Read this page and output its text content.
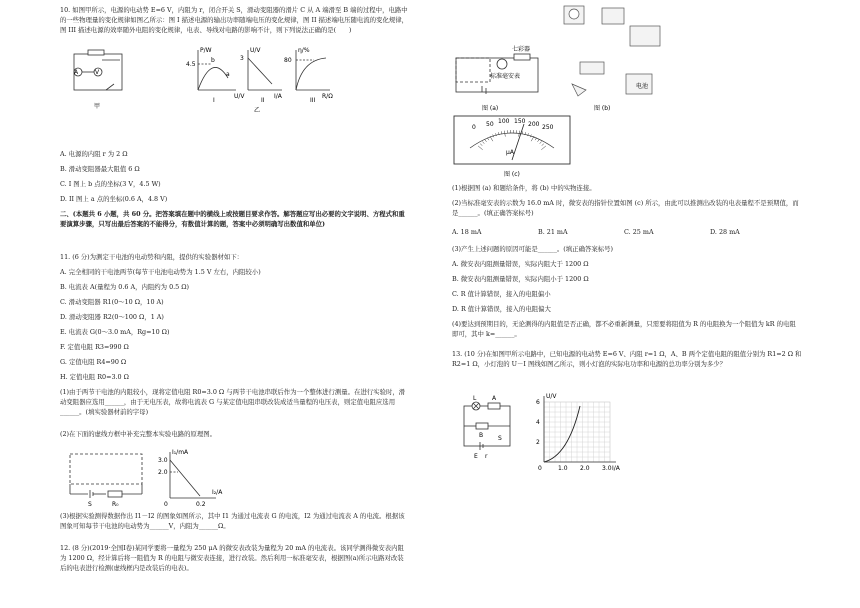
10. 如图甲所示，电源的电动势 E=6 V，内阻为 r，闭合开关 S，滑动变阻器的滑片 C 从 A 端滑至 B 端的过程中，电路中的一些物理量的变化规律如图乙所示：图 I 描述电源的输出功率随端电压的变化规律，图 II 描述端电压随电流的变化规律，图 III 描述电源的效率随外电阻的变化规律，电表、导线对电路的影响不计，则下列说法正确的是(　　)
A	V
甲
P/W
U/V
4.5
b
a
I
U/V
I/A
3
II
η/%
R/Ω
80
III
乙
A. 电源的内阻 r 为 2 Ω
B. 滑动变阻器最大阻值 6 Ω
C. I 图上 b 点的坐标(3 V，4.5 W)
D. II 图上 a 点的坐标(0.6 A，4.8 V)
二、(本题共 6 小题，共 60 分。把答案填在题中的横线上或按题目要求作答。解答题应写出必要的文字说明、方程式和重要演算步骤，只写出最后答案的不能得分，有数值计算的题，答案中必须明确写出数值和单位)
11. (6 分)为测定干电池的电动势和内阻，提供的实验器材如下：
A. 完全相同的干电池两节(每节干电池电动势为 1.5 V 左右，内阻较小)
B. 电流表 A(量程为 0.6 A，内阻约为 0.5 Ω)
C. 滑动变阻器 R1(0～10 Ω，10 A)
D. 滑动变阻器 R2(0～100 Ω，1 A)
E. 电流表 G(0～3.0 mA，Rg=10 Ω)
F. 定值电阻 R3=990 Ω
G. 定值电阻 R4=90 Ω
H. 定值电阻 R0=3.0 Ω
(1)由于两节干电池的内阻较小，现将定值电阻 R0=3.0 Ω 与两节干电池串联后作为一个整体进行测量。在进行实验时，滑动变阻器应选用______，由于无电压表，故将电流表 G 与某定值电阻串联改装成适当量程的电压表，则定值电阻应选用______。(填实验器材前的字母)
(2)在下面的虚线方框中补充完整本实验电路的原理图。
S	R₀
I₁/mA
I₂/A
3.0
2.0
0	0.2
(3)根据实验测得数据作出 I1－I2 的图象如图所示，其中 I1 为通过电流表 G 的电流，I2 为通过电流表 A 的电流。根据该图象可知每节干电池的电动势为______V，内阻为______Ω。
12. (8 分)(2019·全国Ⅰ卷)某同学要将一量程为 250 μA 的微安表改装为量程为 20 mA 的电流表。该同学测得微安表内阻为 1200 Ω，经计算后将一阻值为 R 的电阻与微安表连接，进行改装。然后利用一标准毫安表，根据图(a)所示电路对改装后的电表进行检测(虚线框内是改装后的电表)。
标准毫安表
七彩器
图 (a)
电池
图 (b)
0 50 100 150 200 250
μA
图 (c)
(1)根据图 (a) 和题给条件，将 (b) 中的实物连接。
(2)当标准毫安表的示数为 16.0 mA 时，微安表的指针位置如图 (c) 所示，由此可以推测出改装的电表量程不是预期值，而是______。(填正确答案标号)
A. 18 mA	B. 21 mA	C. 25 mA	D. 28 mA
(3)产生上述问题的原因可能是______。(填正确答案标号)
A. 微安表内阻测量错误，实际内阻大于 1200 Ω
B. 微安表内阻测量错误，实际内阻小于 1200 Ω
C. R 值计算错误，接入的电阻偏小
D. R 值计算错误，接入的电阻偏大
(4)要达到预期目的，无论测得的内阻值是否正确，都不必重新测量，只需要将阻值为 R 的电阻换为一个阻值为 kR 的电阻即可，其中 k=______。
13. (10 分)在如图甲所示电路中，已知电源的电动势 E=6 V、内阻 r=1 Ω，A、B 两个定值电阻的阻值分别为 R1=2 Ω 和 R2=1 Ω，小灯泡的 U－I 图线如图乙所示，则小灯泡的实际电功率和电源的总功率分别为多少？
L	A
B S
E r
U/V
I/A
6
4
2
0	1.0 2.0 3.0
